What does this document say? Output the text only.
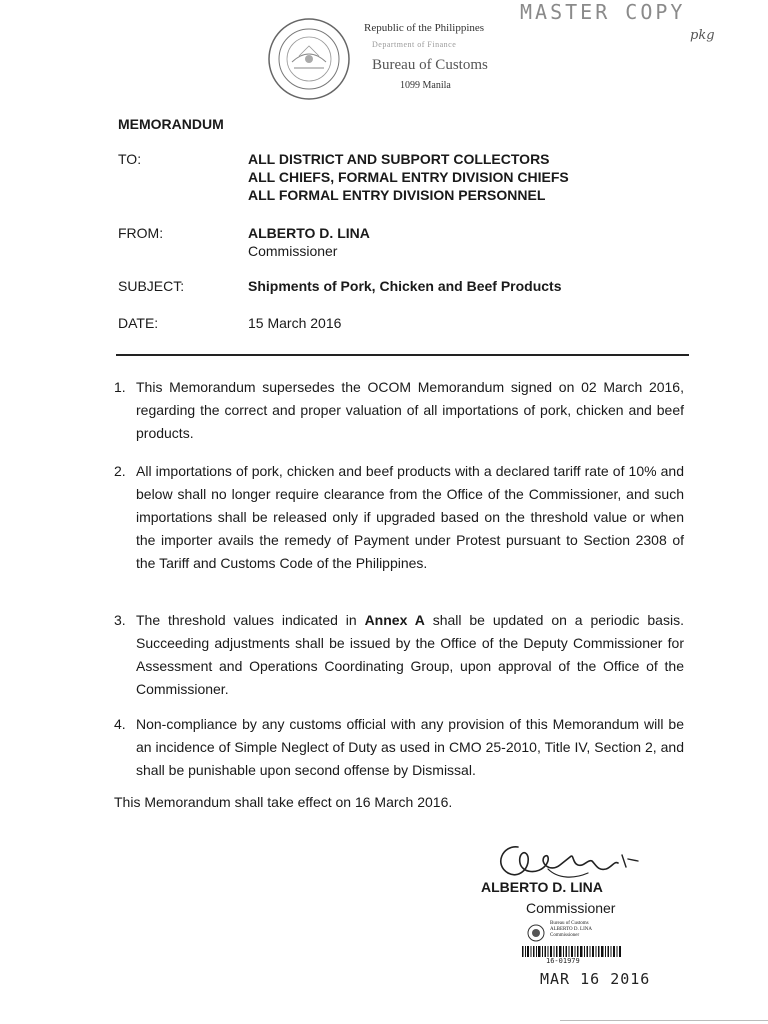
Republic of the Philippines
Department of Finance
Bureau of Customs
1099 Manila
MASTER COPY
pkg
MEMORANDUM
TO:	ALL DISTRICT AND SUBPORT COLLECTORS
ALL CHIEFS, FORMAL ENTRY DIVISION CHIEFS
ALL FORMAL ENTRY DIVISION PERSONNEL
FROM:	ALBERTO D. LINA
Commissioner
SUBJECT:	Shipments of Pork, Chicken and Beef Products
DATE:	15 March 2016
1. This Memorandum supersedes the OCOM Memorandum signed on 02 March 2016, regarding the correct and proper valuation of all importations of pork, chicken and beef products.
2. All importations of pork, chicken and beef products with a declared tariff rate of 10% and below shall no longer require clearance from the Office of the Commissioner, and such importations shall be released only if upgraded based on the threshold value or when the importer avails the remedy of Payment under Protest pursuant to Section 2308 of the Tariff and Customs Code of the Philippines.
3. The threshold values indicated in Annex A shall be updated on a periodic basis. Succeeding adjustments shall be issued by the Office of the Deputy Commissioner for Assessment and Operations Coordinating Group, upon approval of the Office of the Commissioner.
4. Non-compliance by any customs official with any provision of this Memorandum will be an incidence of Simple Neglect of Duty as used in CMO 25-2010, Title IV, Section 2, and shall be punishable upon second offense by Dismissal.
This Memorandum shall take effect on 16 March 2016.
ALBERTO D. LINA
Commissioner
Bureau of Customs
ALBERTO D. LINA
Commissioner
16-01979
MAR 16 2016
